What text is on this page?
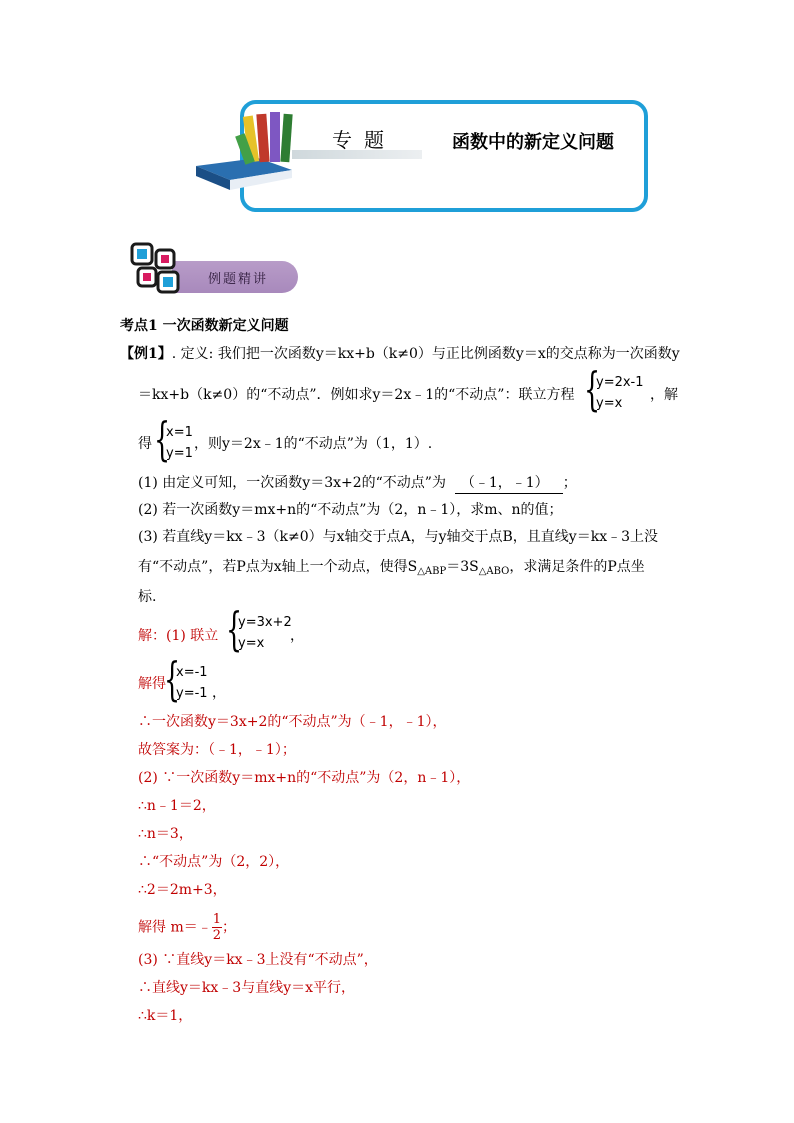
专题	函数中的新定义问题
例题精讲
考点1 一次函数新定义问题
【例1】. 定义: 我们把一次函数y＝kx+b（k≠0）与正比例函数y＝x的交点称为一次函数y
＝kx+b（k≠0）的“不动点”．例如求y＝2x﹣1的“不动点”：联立方程 {
y=2x-1
y=x
，解
得 {
x=1
y=1
，则y＝2x﹣1的“不动点”为（1，1）.
(1) 由定义可知，一次函数y＝3x+2的“不动点”为 （﹣1，﹣1） ；
(2) 若一次函数y＝mx+n的“不动点”为（2，n﹣1），求m、n的值；
(3) 若直线y＝kx﹣3（k≠0）与x轴交于点A，与y轴交于点B，且直线y＝kx﹣3上没
有“不动点”，若P点为x轴上一个动点，使得$S_{\triangle ABP}=3S_{\triangle ABO}$，求满足条件的P点坐
标.
解：(1) 联立 {
y=3x+2
y=x	，
解得
{
x=-1
y=-1 ，
∴一次函数y＝3x+2的“不动点”为（﹣1，﹣1），
故答案为：（﹣1，﹣1）；
(2) ∵一次函数y＝mx+n的“不动点”为（2，n﹣1），
∴n﹣1＝2，
∴n＝3，
∴“不动点”为（2，2），
∴2＝2m+3，
解得 m＝﹣ $\frac{1}{2}$ ；
(3) ∵直线y＝kx﹣3上没有“不动点”，
∴直线y＝kx﹣3与直线y＝x平行，
∴k＝1，
